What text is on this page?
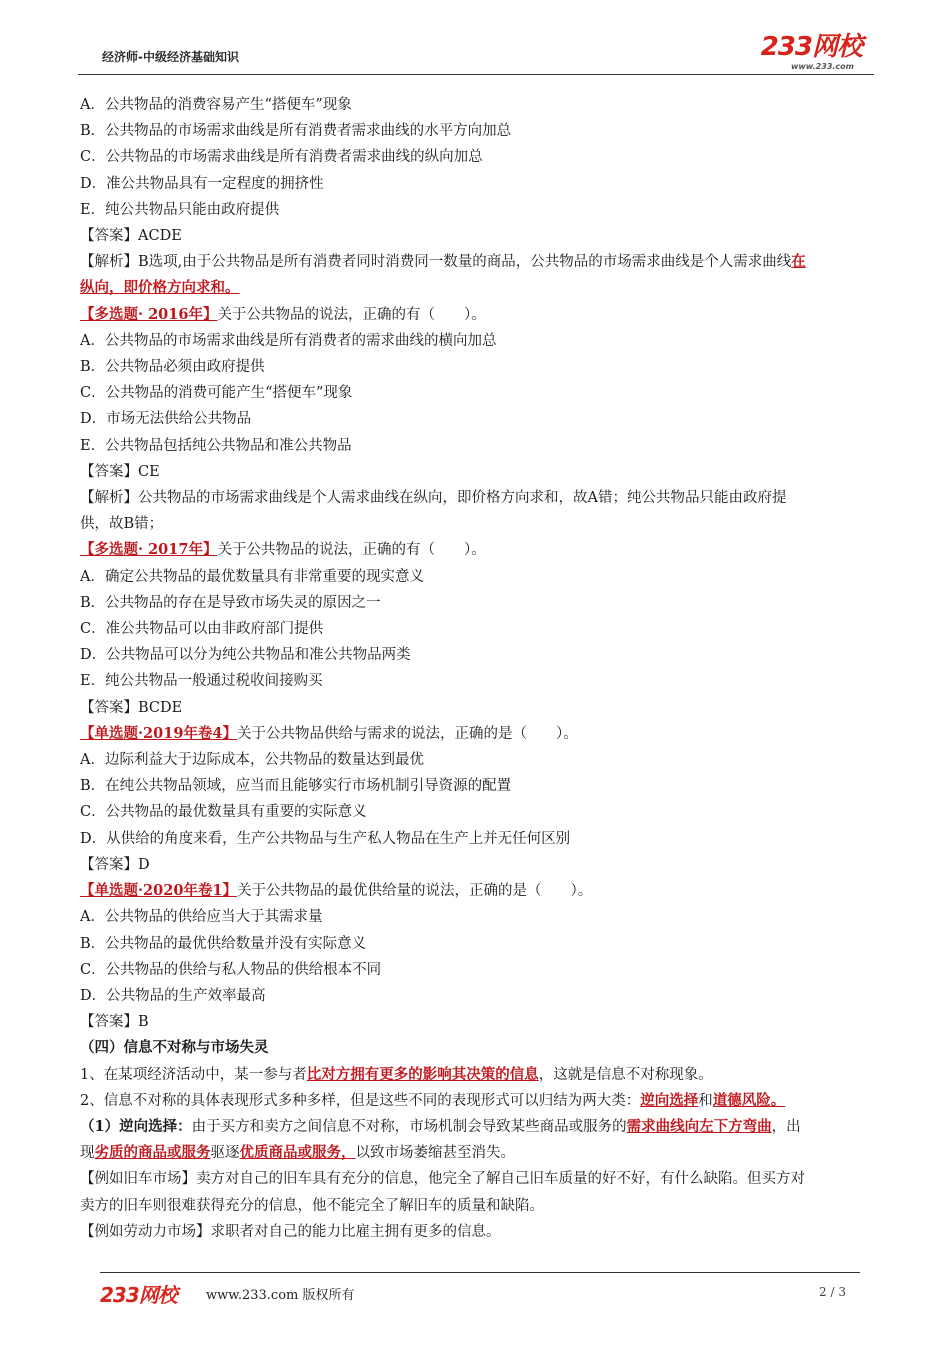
经济师-中级经济基础知识	233网校
www.233.com
A．公共物品的消费容易产生“搭便车”现象
B．公共物品的市场需求曲线是所有消费者需求曲线的水平方向加总
C．公共物品的市场需求曲线是所有消费者需求曲线的纵向加总
D．准公共物品具有一定程度的拥挤性
E．纯公共物品只能由政府提供
【答案】ACDE
【解析】B选项,由于公共物品是所有消费者同时消费同一数量的商品，公共物品的市场需求曲线是个人需求曲线在
纵向，即价格方向求和。
【多选题· 2016年】关于公共物品的说法，正确的有（　　）。
A．公共物品的市场需求曲线是所有消费者的需求曲线的横向加总
B．公共物品必须由政府提供
C．公共物品的消费可能产生“搭便车”现象
D．市场无法供给公共物品
E．公共物品包括纯公共物品和准公共物品
【答案】CE
【解析】公共物品的市场需求曲线是个人需求曲线在纵向，即价格方向求和，故A错；纯公共物品只能由政府提
供，故B错；
【多选题· 2017年】关于公共物品的说法，正确的有（　　）。
A．确定公共物品的最优数量具有非常重要的现实意义
B．公共物品的存在是导致市场失灵的原因之一
C．准公共物品可以由非政府部门提供
D．公共物品可以分为纯公共物品和准公共物品两类
E．纯公共物品一般通过税收间接购买
【答案】BCDE
【单选题·2019年卷4】关于公共物品供给与需求的说法，正确的是（　　）。
A．边际利益大于边际成本，公共物品的数量达到最优
B．在纯公共物品领域，应当而且能够实行市场机制引导资源的配置
C．公共物品的最优数量具有重要的实际意义
D．从供给的角度来看，生产公共物品与生产私人物品在生产上并无任何区别
【答案】D
【单选题·2020年卷1】关于公共物品的最优供给量的说法，正确的是（　　）。
A．公共物品的供给应当大于其需求量
B．公共物品的最优供给数量并没有实际意义
C．公共物品的供给与私人物品的供给根本不同
D．公共物品的生产效率最高
【答案】B
（四）信息不对称与市场失灵
1、在某项经济活动中，某一参与者比对方拥有更多的影响其决策的信息，这就是信息不对称现象。
2、信息不对称的具体表现形式多种多样，但是这些不同的表现形式可以归结为两大类：逆向选择和道德风险。
（1）逆向选择：由于买方和卖方之间信息不对称，市场机制会导致某些商品或服务的需求曲线向左下方弯曲，出
现劣质的商品或服务驱逐优质商品或服务，以致市场萎缩甚至消失。
【例如旧车市场】卖方对自己的旧车具有充分的信息，他完全了解自己旧车质量的好不好，有什么缺陷。但买方对
卖方的旧车则很难获得充分的信息，他不能完全了解旧车的质量和缺陷。
【例如劳动力市场】求职者对自己的能力比雇主拥有更多的信息。
233网校 www.233.com 版权所有	2 / 3
